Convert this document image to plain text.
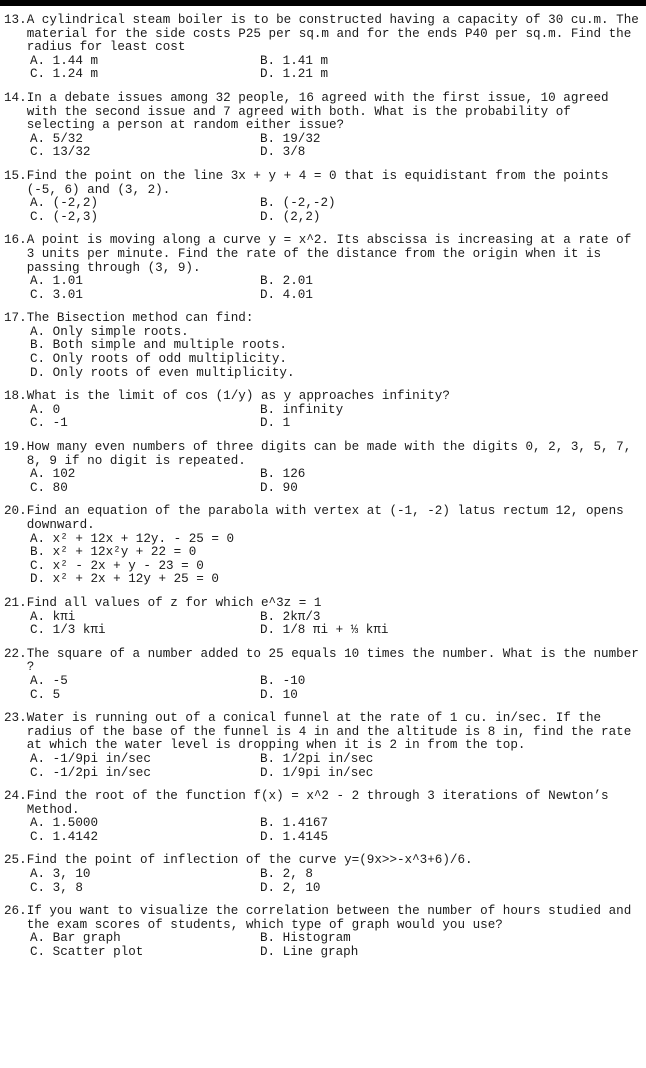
13. A cylindrical steam boiler is to be constructed having a capacity of 30 cu.m. The material for the side costs P25 per sq.m and for the ends P40 per sq.m. Find the radius for least cost
A. 1.44 m	B. 1.41 m
C. 1.24 m	D. 1.21 m
14. In a debate issues among 32 people, 16 agreed with the first issue, 10 agreed with the second issue and 7 agreed with both. What is the probability of selecting a person at random either issue?
A. 5/32	B. 19/32
C. 13/32	D. 3/8
15. Find the point on the line 3x + y + 4 = 0 that is equidistant from the points (-5, 6) and (3, 2).
A. (-2,2)	B. (-2,-2)
C. (-2,3)	D. (2,2)
16. A point is moving along a curve y = x^2. Its abscissa is increasing at a rate of 3 units per minute. Find the rate of the distance from the origin when it is passing through (3, 9).
A. 1.01	B. 2.01
C. 3.01	D. 4.01
17. The Bisection method can find:
A. Only simple roots.
B. Both simple and multiple roots.
C. Only roots of odd multiplicity.
D. Only roots of even multiplicity.
18. What is the limit of cos (1/y) as y approaches infinity?
A. 0	B. infinity
C. -1	D. 1
19. How many even numbers of three digits can be made with the digits 0, 2, 3, 5, 7, 8, 9 if no digit is repeated.
A. 102	B. 126
C. 80	D. 90
20. Find an equation of the parabola with vertex at (-1, -2) latus rectum 12, opens downward.
A. x² + 12x + 12y. - 25 = 0
B. x² + 12x²y + 22 = 0
C. x² - 2x + y - 23 = 0
D. x² + 2x + 12y + 25 = 0
21. Find all values of z for which e^3z = 1
A. kπi	B. 2kπ/3
C. 1/3 kπi	D. 1/8 πi + ⅓ kπi
22. The square of a number added to 25 equals 10 times the number. What is the number ?
A. -5	B. -10
C. 5	D. 10
23. Water is running out of a conical funnel at the rate of 1 cu. in/sec. If the radius of the base of the funnel is 4 in and the altitude is 8 in, find the rate at which the water level is dropping when it is 2 in from the top.
A. -1/9pi in/sec	B. 1/2pi in/sec
C. -1/2pi in/sec	D. 1/9pi in/sec
24. Find the root of the function f(x) = x^2 - 2 through 3 iterations of Newton’s Method.
A. 1.5000	B. 1.4167
C. 1.4142	D. 1.4145
25. Find the point of inflection of the curve y=(9x>>-x^3+6)/6.
A. 3, 10	B. 2, 8
C. 3, 8	D. 2, 10
26. If you want to visualize the correlation between the number of hours studied and the exam scores of students, which type of graph would you use?
A. Bar graph	B. Histogram
C. Scatter plot	D. Line graph
